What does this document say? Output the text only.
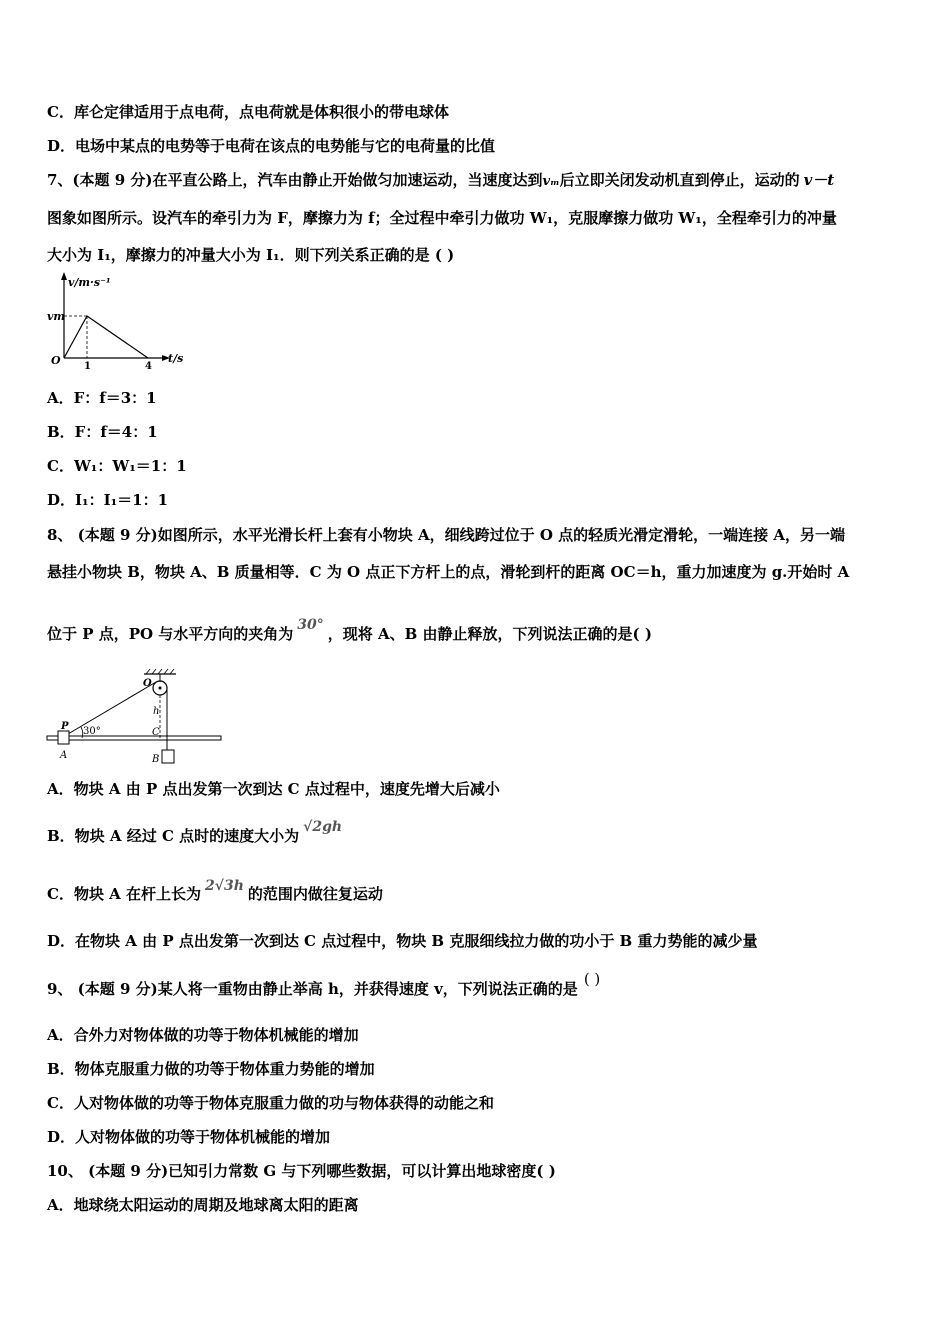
C．库仑定律适用于点电荷，点电荷就是体积很小的带电球体
D．电场中某点的电势等于电荷在该点的电势能与它的电荷量的比值
7、(本题 9 分)在平直公路上，汽车由静止开始做匀加速运动，当速度达到vₘ后立即关闭发动机直到停止，运动的 v－t
图象如图所示。设汽车的牵引力为 F，摩擦力为 f；全过程中牵引力做功 W₁，克服摩擦力做功 W₁，全程牵引力的冲量
大小为 I₁，摩擦力的冲量大小为 I₁．则下列关系正确的是 ( )
v/m·s⁻¹
vm
O 1	4
t/s
A．F：f＝3：1
B．F：f＝4：1
C．W₁：W₁＝1：1
D．I₁：I₁＝1：1
8、 (本题 9 分)如图所示，水平光滑长杆上套有小物块 A，细线跨过位于 O 点的轻质光滑定滑轮，一端连接 A，另一端
悬挂小物块 B，物块 A、B 质量相等．C 为 O 点正下方杆上的点，滑轮到杆的距离 OC＝h，重力加速度为 g.开始时 A
位于 P 点，PO 与水平方向的夹角为 30° ，现将 A、B 由静止释放，下列说法正确的是( )
O
h
P 30°	C
A	B
A．物块 A 由 P 点出发第一次到达 C 点过程中，速度先增大后减小
B．物块 A 经过 C 点时的速度大小为 √2gh
C．物块 A 在杆上长为 2√3h 的范围内做往复运动
D．在物块 A 由 P 点出发第一次到达 C 点过程中，物块 B 克服细线拉力做的功小于 B 重力势能的减少量
9、 (本题 9 分)某人将一重物由静止举高 h，并获得速度 v，下列说法正确的是( )
A．合外力对物体做的功等于物体机械能的增加
B．物体克服重力做的功等于物体重力势能的增加
C．人对物体做的功等于物体克服重力做的功与物体获得的动能之和
D．人对物体做的功等于物体机械能的增加
10、 (本题 9 分)已知引力常数 G 与下列哪些数据，可以计算出地球密度( )
A．地球绕太阳运动的周期及地球离太阳的距离
